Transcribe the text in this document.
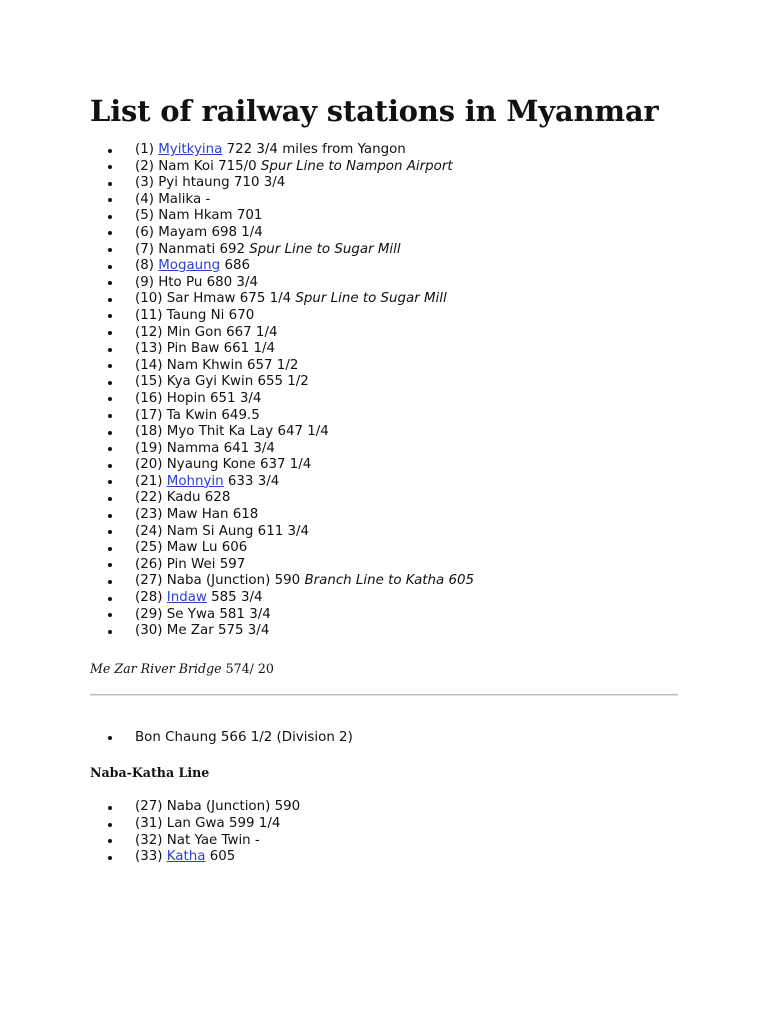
List of railway stations in Myanmar
(1) Myitkyina 722 3/4 miles from Yangon
(2) Nam Koi 715/0 Spur Line to Nampon Airport
(3) Pyi htaung 710 3/4
(4) Malika -
(5) Nam Hkam 701
(6) Mayam 698 1/4
(7) Nanmati 692 Spur Line to Sugar Mill
(8) Mogaung 686
(9) Hto Pu 680 3/4
(10) Sar Hmaw 675 1/4 Spur Line to Sugar Mill
(11) Taung Ni 670
(12) Min Gon 667 1/4
(13) Pin Baw 661 1/4
(14) Nam Khwin 657 1/2
(15) Kya Gyi Kwin 655 1/2
(16) Hopin 651 3/4
(17) Ta Kwin 649.5
(18) Myo Thit Ka Lay 647 1/4
(19) Namma 641 3/4
(20) Nyaung Kone 637 1/4
(21) Mohnyin 633 3/4
(22) Kadu 628
(23) Maw Han 618
(24) Nam Si Aung 611 3/4
(25) Maw Lu 606
(26) Pin Wei 597
(27) Naba (Junction) 590 Branch Line to Katha 605
(28) Indaw 585 3/4
(29) Se Ywa 581 3/4
(30) Me Zar 575 3/4

Me Zar River Bridge 574/ 20

Bon Chaung 566 1/2 (Division 2)
Naba-Katha Line
(27) Naba (Junction) 590
(31) Lan Gwa 599 1/4
(32) Nat Yae Twin -
(33) Katha 605
